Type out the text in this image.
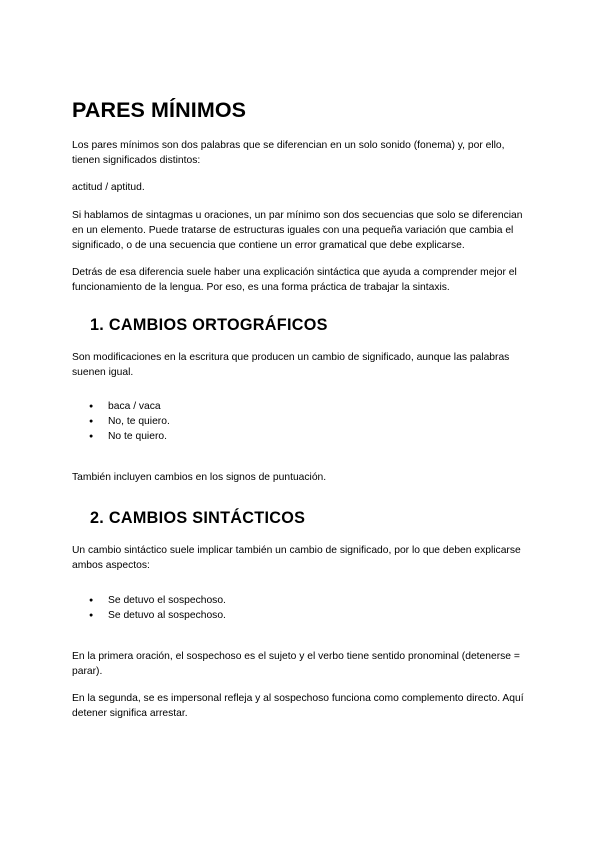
PARES MÍNIMOS

Los pares mínimos son dos palabras que se diferencian en un solo sonido (fonema) y, por ello, tienen significados distintos:

actitud / aptitud.

Si hablamos de sintagmas u oraciones, un par mínimo son dos secuencias que solo se diferencian en un elemento. Puede tratarse de estructuras iguales con una pequeña variación que cambia el significado, o de una secuencia que contiene un error gramatical que debe explicarse.

Detrás de esa diferencia suele haber una explicación sintáctica que ayuda a comprender mejor el funcionamiento de la lengua. Por eso, es una forma práctica de trabajar la sintaxis.

1. CAMBIOS ORTOGRÁFICOS

Son modificaciones en la escritura que producen un cambio de significado, aunque las palabras suenen igual.

● baca / vaca
● No, te quiero.
● No te quiero.

También incluyen cambios en los signos de puntuación.

2. CAMBIOS SINTÁCTICOS

Un cambio sintáctico suele implicar también un cambio de significado, por lo que deben explicarse ambos aspectos:

● Se detuvo el sospechoso.
● Se detuvo al sospechoso.

En la primera oración, el sospechoso es el sujeto y el verbo tiene sentido pronominal (detenerse = parar).

En la segunda, se es impersonal refleja y al sospechoso funciona como complemento directo. Aquí detener significa arrestar.
